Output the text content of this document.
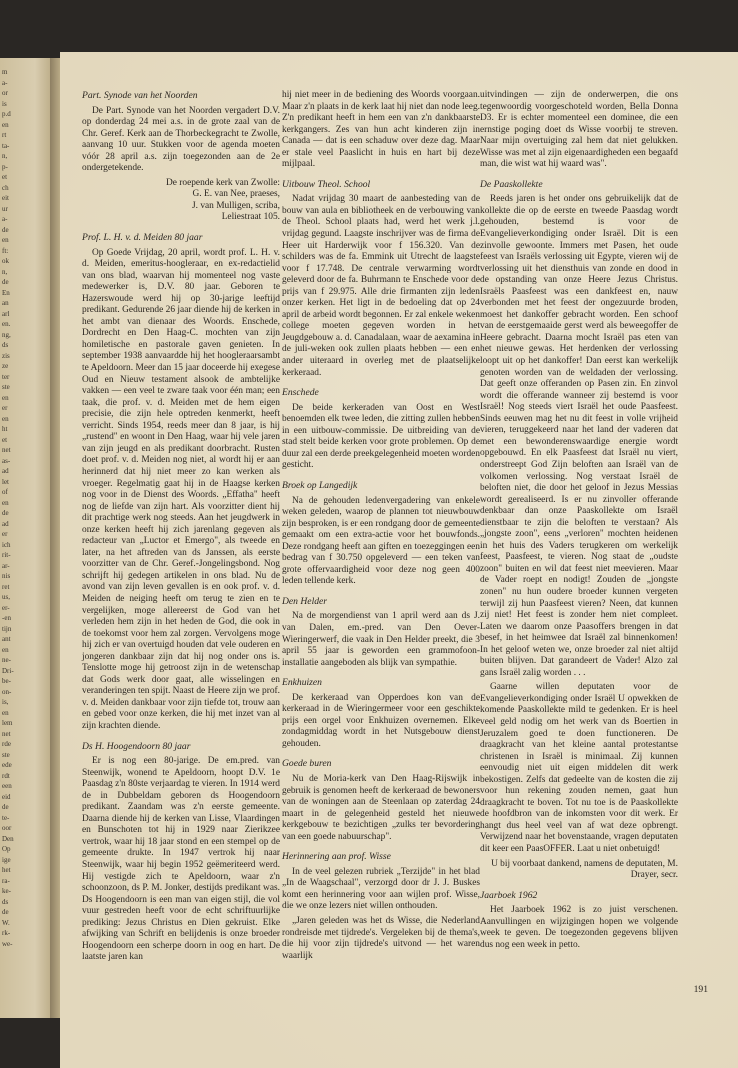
m
a-
or
is
p.d
en
rt
ta-
n,
p-
et
ch
eit
ur
a-
de
en
ft:
ok
n,
de
En
an
arl
en.
ng,
ds
zis
ze
ter
ste
en
er
en
ht
et
net
as-
ad
let
of
en
de
ad
er
ich
rit-
ar-
nis
ret
us,
er-
-en
tijn
ant
en
ne-
Dri-
be-
on-
is,
en
lem
net
rde
ste
ede
rdt
een
eid
de
te-
oor
Den
Op
ige
het
ra-
ke-
ds
de
W.
rk-
we-
Part. Synode van het Noorden

De Part. Synode van het Noorden vergadert D.V. op donderdag 24 mei a.s. in de grote zaal van de Chr. Geref. Kerk aan de Thorbeckegracht te Zwolle, aanvang 10 uur. Stukken voor de agenda moeten vóór 28 april a.s. zijn toegezonden aan de 2e ondergetekende.

De roepende kerk van Zwolle:
G. E. van Nee, praeses,
J. van Mulligen, scriba,
Leliestraat 105.
Prof. L. H. v. d. Meiden 80 jaar

Op Goede Vrijdag, 20 april, wordt prof. L. H. v. d. Meiden, emeritus-hoogleraar, en ex-redactielid van ons blad, waarvan hij momenteel nog vaste medewerker is, D.V. 80 jaar. Geboren te Hazerswoude werd hij op 30-jarige leeftijd predikant. Gedurende 26 jaar diende hij de kerken in het ambt van dienaar des Woords. Enschede, Dordrecht en Den Haag-C. mochten van zijn homiletische en pastorale gaven genieten. In september 1938 aanvaardde hij het hoogleraarsambt te Apeldoorn. Meer dan 15 jaar doceerde hij exegese Oud en Nieuw testament alsook de ambtelijke vakken — een veel te zware taak voor één man; een taak, die prof. v. d. Meiden met de hem eigen precisie, die zijn hele optreden kenmerkt, heeft verricht. Sinds 1954, reeds meer dan 8 jaar, is hij „rustend" en woont in Den Haag, waar hij vele jaren van zijn jeugd en als predikant doorbracht. Rusten doet prof. v. d. Meiden nog niet, al wordt hij er aan herinnerd dat hij niet meer zo kan werken als vroeger. Regelmatig gaat hij in de Haagse kerken nog voor in de Dienst des Woords. „Effatha" heeft nog de liefde van zijn hart. Als voorzitter dient hij dit prachtige werk nog steeds. Aan het jeugdwerk in onze kerken heeft hij zich jarenlang gegeven als redacteur van „Luctor et Emergo", als tweede en later, na het aftreden van ds Janssen, als eerste voorzitter van de Chr. Geref.-Jongelingsbond. Nog schrijft hij gedegen artikelen in ons blad. Nu de avond van zijn leven gevallen is en ook prof. v. d. Meiden de neiging heeft om terug te zien en te vergelijken, moge allereerst de God van het verleden hem zijn in het heden de God, die ook in de toekomst voor hem zal zorgen. Vervolgens moge hij zich er van overtuigd houden dat vele ouderen en jongeren dankbaar zijn dat hij nog onder ons is. Tenslotte moge hij getroost zijn in de wetenschap dat Gods werk door gaat, alle wisselingen en veranderingen ten spijt. Naast de Heere zijn we prof. v. d. Meiden dankbaar voor zijn tiefde tot, trouw aan en gebed voor onze kerken, die hij met inzet van al zijn krachten diende.

Ds H. Hoogendoorn 80 jaar

Er is nog een 80-jarige. De em.pred. van Steenwijk, wonend te Apeldoorn, hoopt D.V. 1e Paasdag z'n 80ste verjaardag te vieren. In 1914 werd de in Dubbeldam geboren ds Hoogendoorn predikant. Zaandam was z'n eerste gemeente. Daarna diende hij de kerken van Lisse, Vlaardingen en Bunschoten tot hij in 1929 naar Zierikzee vertrok, waar hij 18 jaar stond en een stempel op de gemeente drukte. In 1947 vertrok hij naar Steenwijk, waar hij begin 1952 geëmeriteerd werd. Hij vestigde zich te Apeldoorn, waar z'n schoonzoon, ds P. M. Jonker, destijds predikant was. Ds Hoogendoorn is een man van eigen stijl, die vol vuur gestreden heeft voor de echt schriftuurlijke prediking: Jezus Christus en Dien gekruist. Elke afwijking van Schrift en belijdenis is onze broeder Hoogendoorn een scherpe doorn in oog en hart. De laatste jaren kan

hij niet meer in de bediening des Woords voorgaan. Maar z'n plaats in de kerk laat hij niet dan node leeg. Z'n predikant heeft in hem een van z'n dankbaarste kerkgangers. Zes van hun acht kinderen zijn in Canada — dat is een schaduw over deze dag. Maar er stale veel Paaslicht in huis en hart bij deze mijlpaal.

Uitbouw Theol. School

Nadat vrijdag 30 maart de aanbesteding van de bouw van aula en bibliotheek en de verbouwing van de Theol. School plaats had, werd het werk j.l. vrijdag gegund. Laagste inschrijver was de firma de Heer uit Harderwijk voor f 156.320. Van de schilders was de fa. Emmink uit Utrecht de laagste voor f 17.748. De centrale verwarming wordt geleverd door de fa. Buhrmann te Enschede voor de prijs van f 29.975. Alle drie firmanten zijn leden onzer kerken. Het ligt in de bedoeling dat op 24 april de arbeid wordt begonnen. Er zal enkele weken college moeten gegeven worden in het Jeugdgebouw a. d. Canadalaan, waar de aexamina in de juli-weken ook zullen plaats hebben — een en ander uiteraard in overleg met de plaatselijke kerkeraad.

Enschede

De beide kerkeraden van Oost en West benoemden elk twee leden, die zitting zullen hebben in een uitbouw-commissie. De uitbreiding van de stad stelt beide kerken voor grote problemen. Op de duur zal een derde preekgelegenheid moeten worden gesticht.

Broek op Langedijk

Na de gehouden ledenvergadering van enkele weken geleden, waarop de plannen tot nieuwbouw zijn besproken, is er een rondgang door de gemeente gemaakt om een extra-actie voor het bouwfonds. Deze rondgang heeft aan giften en toezeggingen een bedrag van f 30.750 opgeleverd — een teken van grote offervaardigheid voor deze nog geen 400 leden tellende kerk.

Den Helder

Na de morgendienst van 1 april werd aan ds J. van Dalen, em.-pred. van Den Oever-Wieringerwerf, die vaak in Den Helder preekt, die 3 april 55 jaar is geworden een grammofoon-installatie aangeboden als blijk van sympathie.

Enkhuizen

De kerkeraad van Opperdoes kon van de kerkeraad in de Wieringermeer voor een geschikte prijs een orgel voor Enkhuizen overnemen. Elke zondagmiddag wordt in het Nutsgebouw dienst gehouden.

Goede buren

Nu de Moria-kerk van Den Haag-Rijswijk in gebruik is genomen heeft de kerkeraad de bewoners van de woningen aan de Steenlaan op zaterdag 24 maart in de gelegenheid gesteld het nieuwe kerkgebouw te bezichtigen „zulks ter bevordering van een goede nabuurschap".

Herinnering aan prof. Wisse

In de veel gelezen rubriek „Terzijde" in het blad „In de Waagschaal", verzorgd door dr J. J. Buskes komt een herinnering voor aan wijlen prof. Wisse, die we onze lezers niet willen onthouden.

„Jaren geleden was het ds Wisse, die Nederland rondreisde met tijdrede's. Vergeleken bij de thema's, die hij voor zijn tijdrede's uitvond — het waren waarlijk

uitvindingen — zijn de onderwerpen, die ons tegenwoordig voorgeschoteld worden, Bella Donna D3. Er is echter momenteel een dominee, die een ernstige poging doet ds Wisse voorbij te streven. Naar mijn overtuiging zal hem dat niet gelukken. Wisse was met al zijn eigenaardigheden een begaafd man, die wist wat hij waard was".

De Paaskollekte

Reeds jaren is het onder ons gebruikelijk dat de kollekte die op de eerste en tweede Paasdag wordt gehouden, bestemd is voor de Evangelieverkondiging onder Israël. Dit is een zinvolle gewoonte. Immers met Pasen, het oude feest van Israëls verlossing uit Egypte, vieren wij de verlossing uit het diensthuis van zonde en dood in de opstanding van onze Heere Jezus Christus. Israëls Paasfeest was een dankfeest en, nauw verbonden met het feest der ongezuurde broden, moest het dankoffer gebracht worden. Een schoof van de eerstgemaaide gerst werd als beweegoffer de Heere gebracht. Daarna mocht Israël pas eten van het nieuwe gewas. Het herdenken der verlossing loopt uit op het dankoffer! Dan eerst kan werkelijk genoten worden van de weldaden der verlossing. Dat geeft onze offeranden op Pasen zin. En zinvol wordt die offerande wanneer zij bestemd is voor Israël! Nog steeds viert Israël het oude Paasfeest. Sinds eeuwen mag het nu dit feest in volle vrijheid vieren, teruggekeerd naar het land der vaderen dat met een bewonderenswaardige energie wordt opgebouwd. En elk Paasfeest dat Israël nu viert, onderstreept God Zijn beloften aan Israël van de volkomen verlossing. Nog verstaat Israël de beloften niet, die door het geloof in Jezus Messias wordt gerealiseerd. Is er nu zinvoller offerande denkbaar dan onze Paaskollekte om Israël dienstbaar te zijn die beloften te verstaan? Als „jongste zoon", eens „verloren" mochten heidenen in het huis des Vaders terugkeren om werkelijk feest, Paasfeest, te vieren. Nog staat de „oudste zoon" buiten en wil dat feest niet meevieren. Maar de Vader roept en nodigt! Zouden de „jongste zonen" nu hun oudere broeder kunnen vergeten terwijl zij hun Paasfeest vieren? Neen, dat kunnen zij niet! Het feest is zonder hem niet compleet. Laten we daarom onze Paasoffers brengen in dat besef, in het heimwee dat Israël zal binnenkomen! In het geloof weten we, onze broeder zal niet altijd buiten blijven. Dat garandeert de Vader! Alzo zal gans Israël zalig worden . . .

Gaarne willen deputaten voor de Evangelieverkondiging onder Israël U opwekken de komende Paaskollekte mild te gedenken. Er is heel veel geld nodig om het werk van ds Boertien in Jeruzalem goed te doen functioneren. De draagkracht van het kleine aantal protestantse christenen in Israël is minimaal. Zij kunnen eenvoudig niet uit eigen middelen dit werk bekostigen. Zelfs dat gedeelte van de kosten die zij voor hun rekening zouden nemen, gaat hun draagkracht te boven. Tot nu toe is de Paaskollekte de hoofdbron van de inkomsten voor dit werk. Er hangt dus heel veel van af wat deze opbrengt. Verwijzend naar het bovenstaande, vragen deputaten dit keer een PaasOFFER. Laat u niet onbetuigd!

U bij voorbaat dankend, namens de deputaten, M. Drayer, secr.
Jaarboek 1962

Het Jaarboek 1962 is zo juist verschenen. Aanvullingen en wijzigingen hopen we volgende week te geven. De toegezonden gegevens blijven dus nog een week in petto.

191
